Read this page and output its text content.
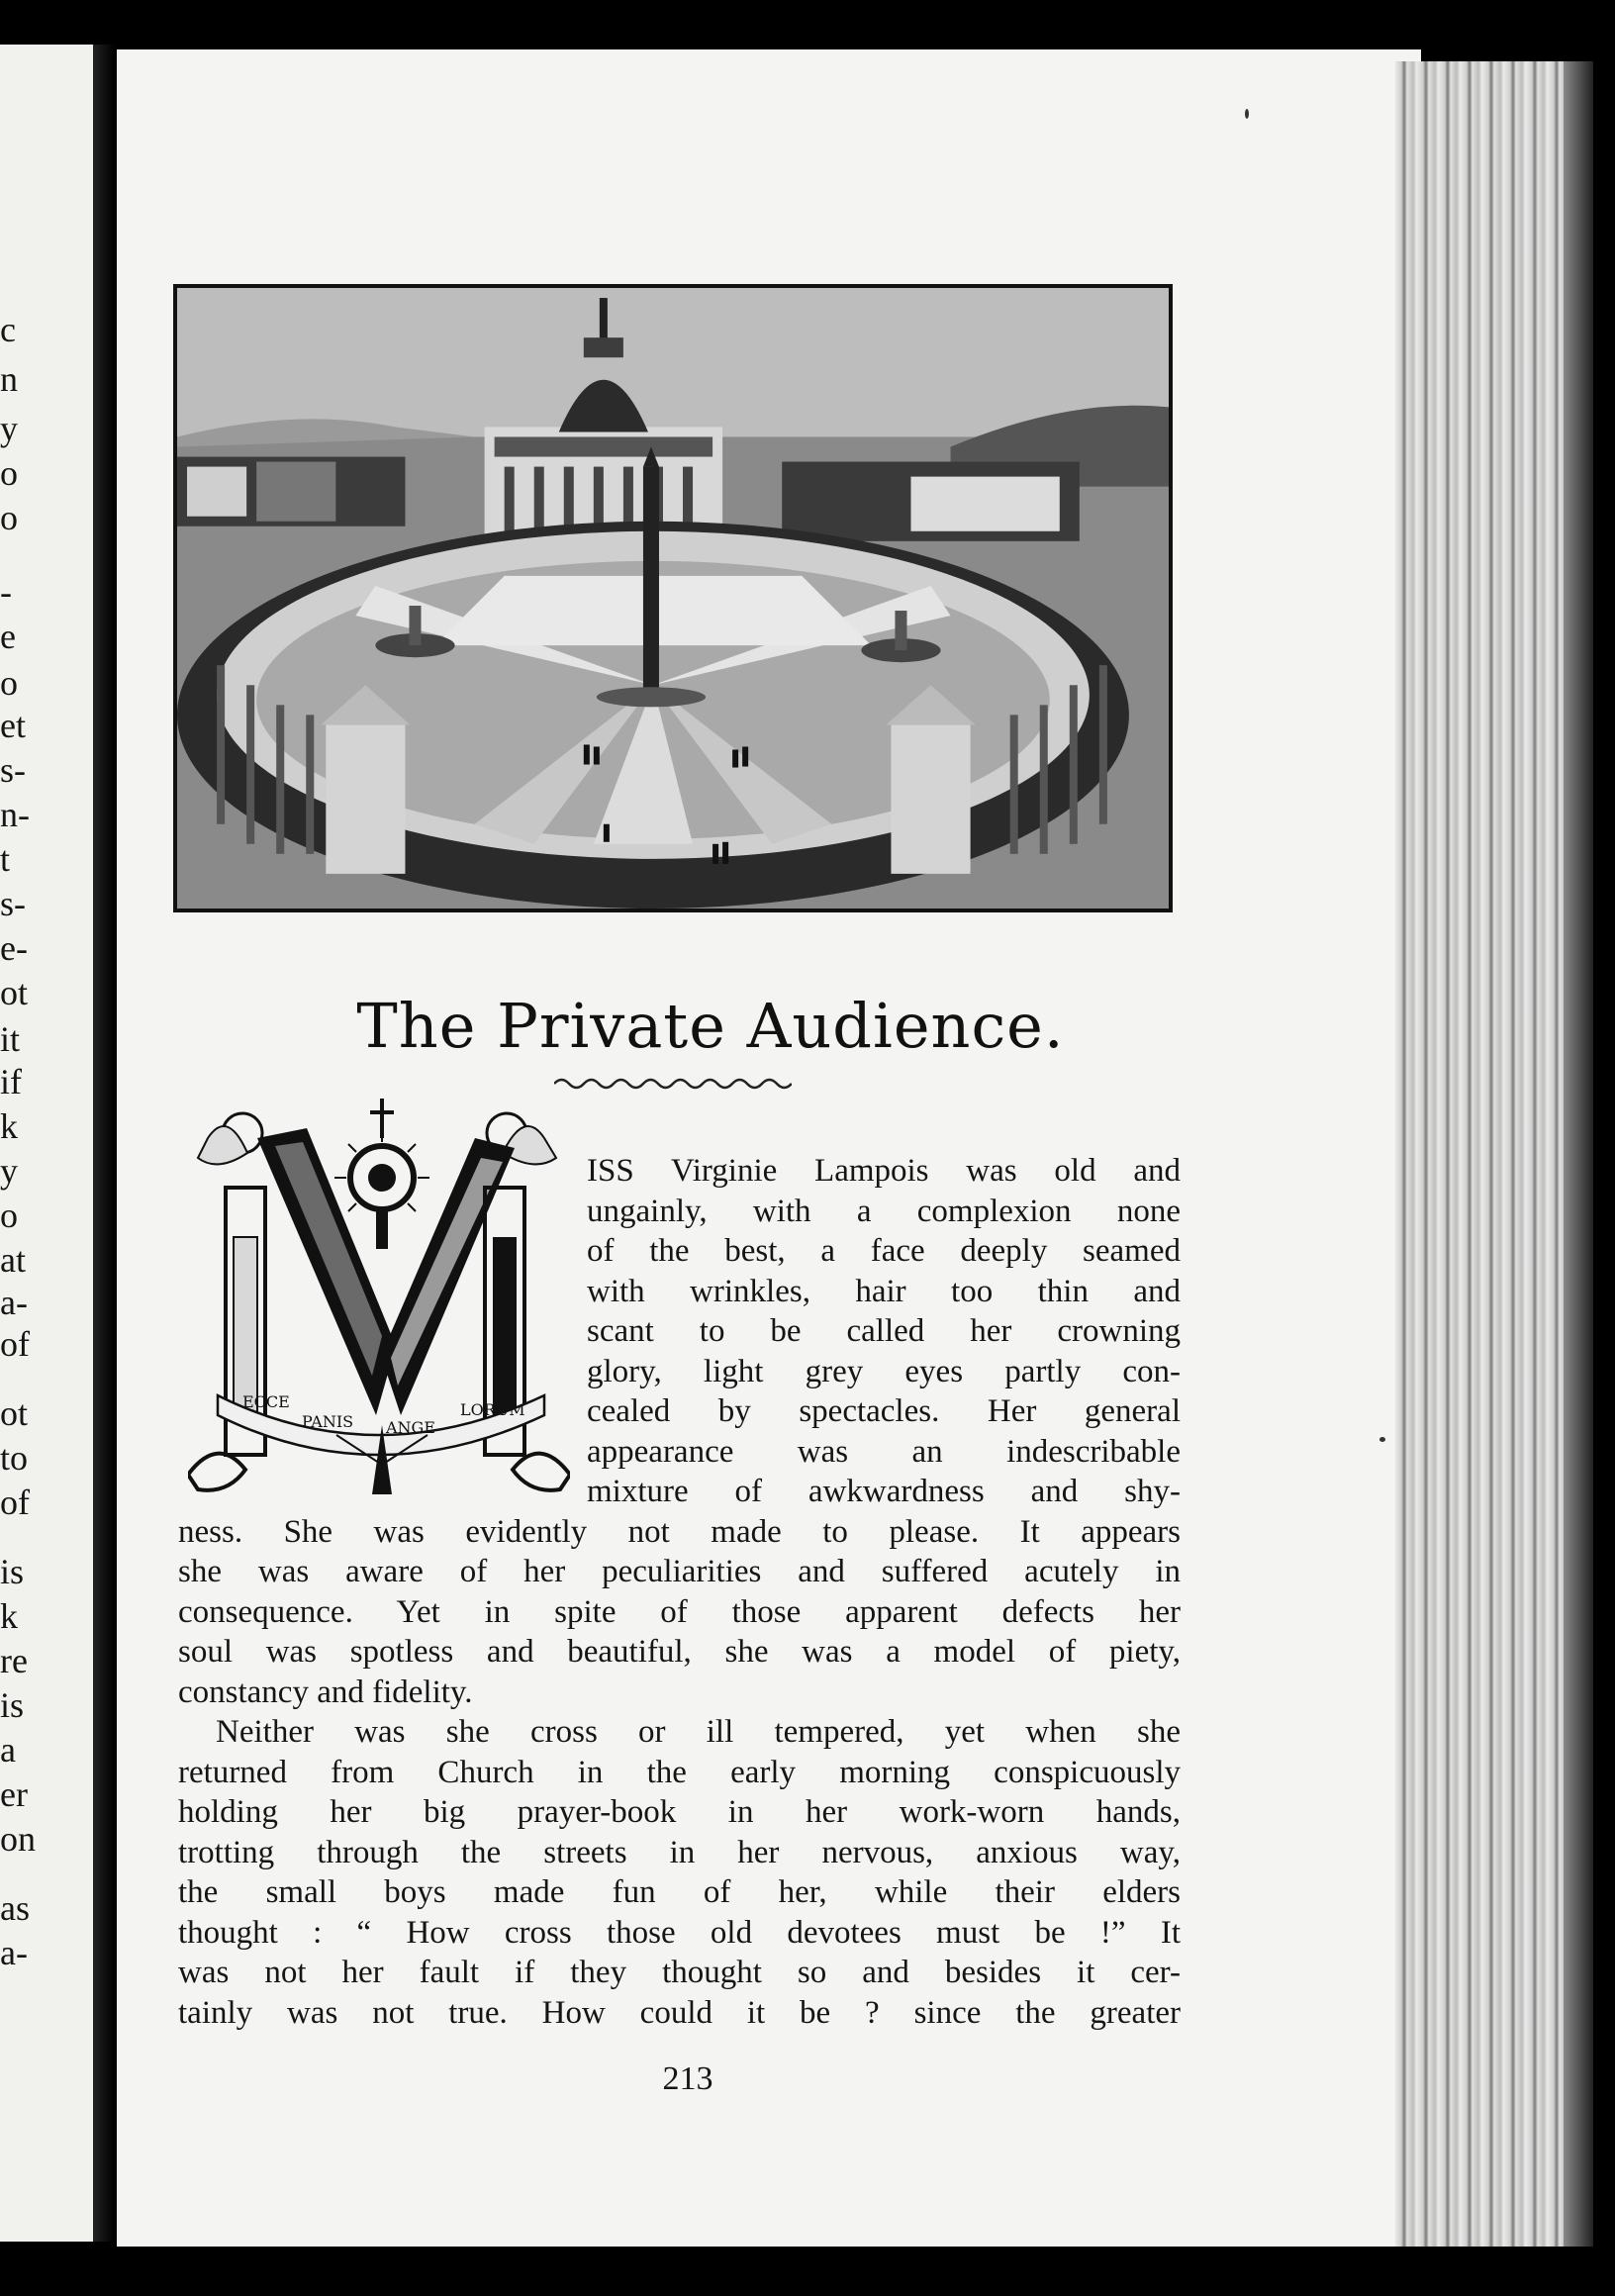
c
n
y
o
o
-
e
o
et
s-
n-
t
s-
e-
ot
it
if
k
y
o
at
a-
of
ot
to
of
is
k
re
is
a
er
on
as
a-
The Private Audience.
ECCE
PANIS ANGE
LORUM
ISS Virginie Lampois was old and
ungainly, with a complexion none
of the best, a face deeply seamed
with wrinkles, hair too thin and
scant to be called her crowning
glory, light grey eyes partly con-
cealed by spectacles. Her general
appearance was an indescribable
mixture of awkwardness and shy-
ness. She was evidently not made to please. It appears
she was aware of her peculiarities and suffered acutely in
consequence. Yet in spite of those apparent defects her
soul was spotless and beautiful, she was a model of piety,
constancy and fidelity.
Neither was she cross or ill tempered, yet when she
returned from Church in the early morning conspicuously
holding her big prayer-book in her work-worn hands,
trotting through the streets in her nervous, anxious way,
the small boys made fun of her, while their elders
thought : “ How cross those old devotees must be !” It
was not her fault if they thought so and besides it cer-
tainly was not true. How could it be ? since the greater
213
